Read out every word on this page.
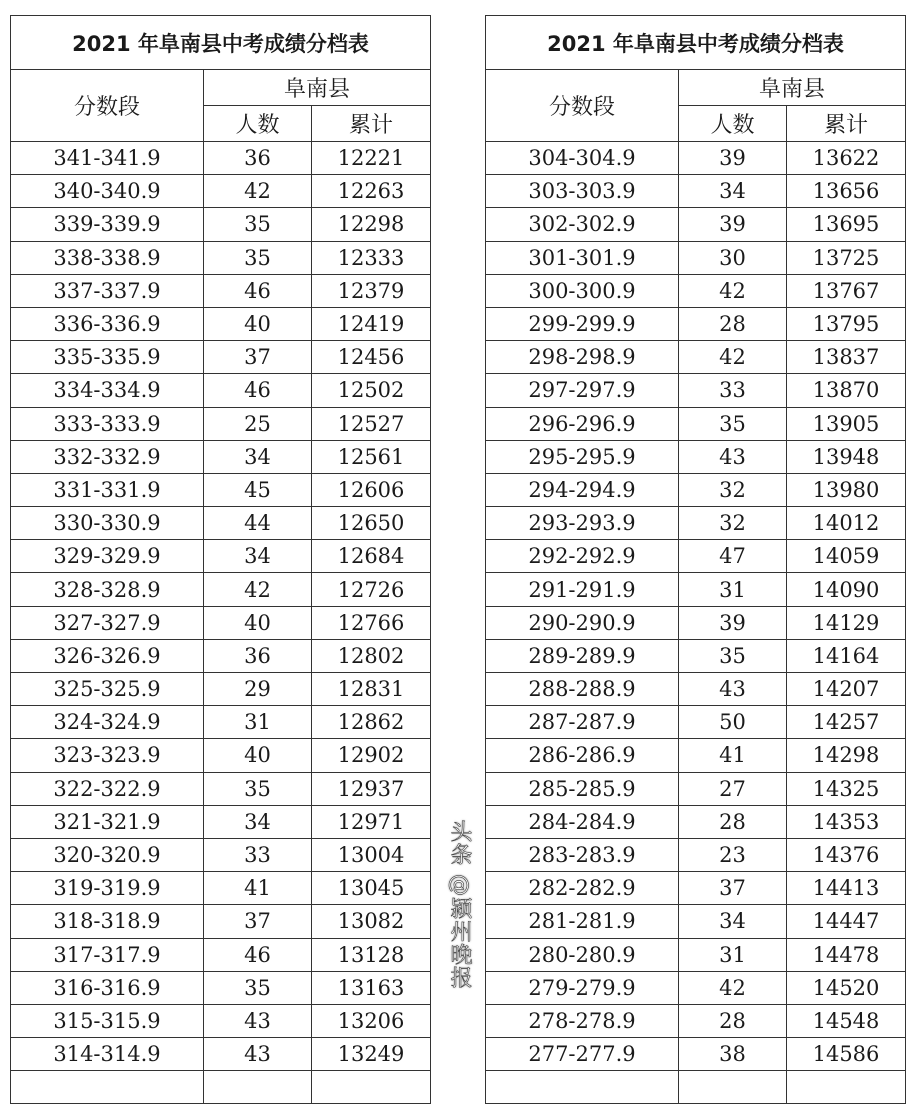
2021 年阜南县中考成绩分档表		
分数段	阜南县	
	人数	累计
341-341.9	36	12221
340-340.9	42	12263
339-339.9	35	12298
338-338.9	35	12333
337-337.9	46	12379
336-336.9	40	12419
335-335.9	37	12456
334-334.9	46	12502
333-333.9	25	12527
332-332.9	34	12561
331-331.9	45	12606
330-330.9	44	12650
329-329.9	34	12684
328-328.9	42	12726
327-327.9	40	12766
326-326.9	36	12802
325-325.9	29	12831
324-324.9	31	12862
323-323.9	40	12902
322-322.9	35	12937
321-321.9	34	12971
320-320.9	33	13004
319-319.9	41	13045
318-318.9	37	13082
317-317.9	46	13128
316-316.9	35	13163
315-315.9	43	13206
314-314.9	43	13249

2021 年阜南县中考成绩分档表		
分数段	阜南县	
	人数	累计
304-304.9	39	13622
303-303.9	34	13656
302-302.9	39	13695
301-301.9	30	13725
300-300.9	42	13767
299-299.9	28	13795
298-298.9	42	13837
297-297.9	33	13870
296-296.9	35	13905
295-295.9	43	13948
294-294.9	32	13980
293-293.9	32	14012
292-292.9	47	14059
291-291.9	31	14090
290-290.9	39	14129
289-289.9	35	14164
288-288.9	43	14207
287-287.9	50	14257
286-286.9	41	14298
285-285.9	27	14325
284-284.9	28	14353
283-283.9	23	14376
282-282.9	37	14413
281-281.9	34	14447
280-280.9	31	14478
279-279.9	42	14520
278-278.9	28	14548
277-277.9	38	14586

头条 @颍州晚报
